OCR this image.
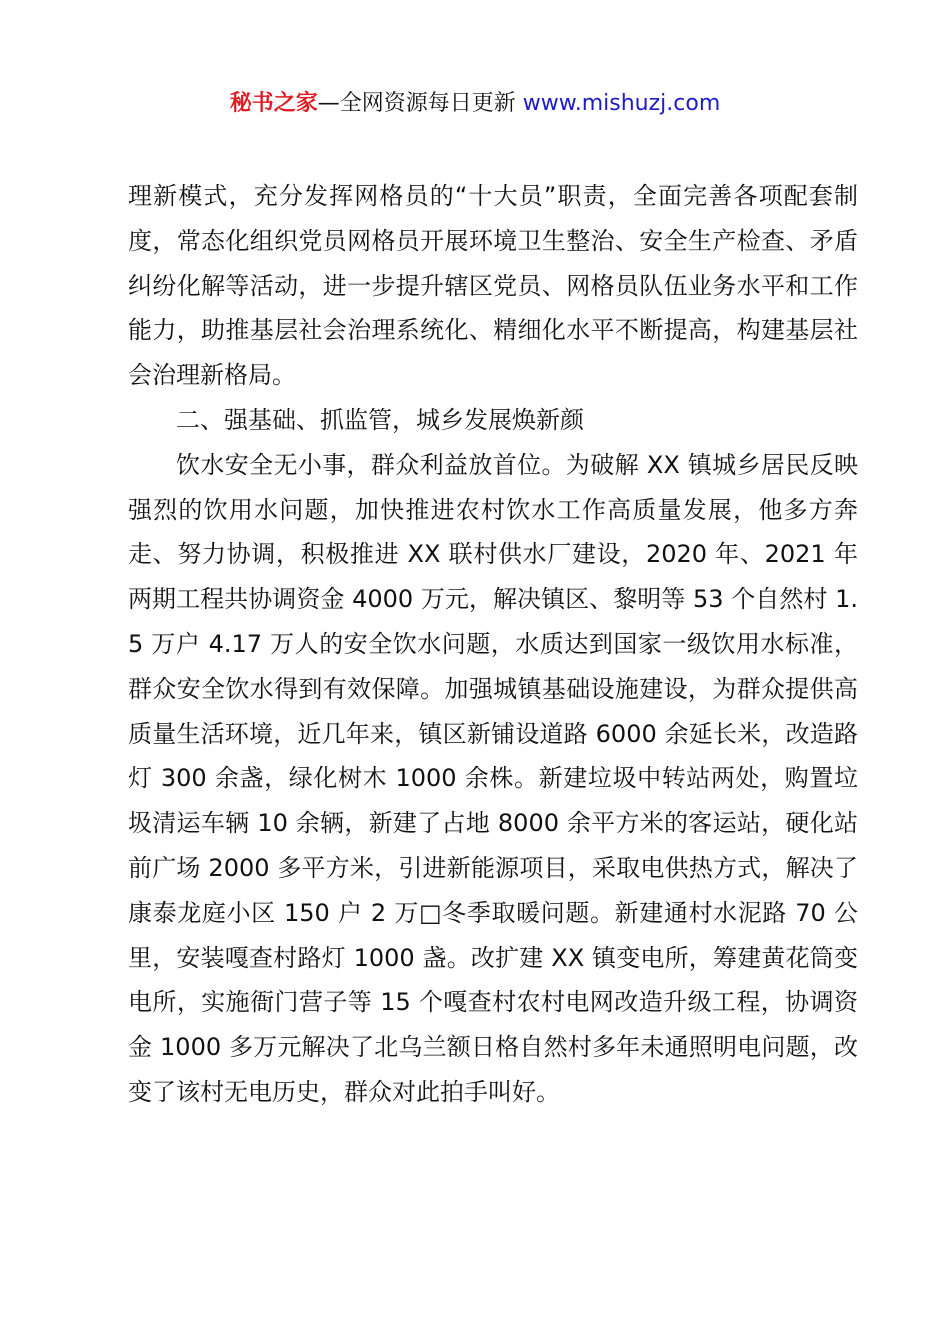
秘书之家—全网资源每日更新 www.mishuzj.com

理新模式，充分发挥网格员的“十大员”职责，全面完善各项配套制度，常态化组织党员网格员开展环境卫生整治、安全生产检查、矛盾纠纷化解等活动，进一步提升辖区党员、网格员队伍业务水平和工作能力，助推基层社会治理系统化、精细化水平不断提高，构建基层社会治理新格局。

二、强基础、抓监管，城乡发展焕新颜

饮水安全无小事，群众利益放首位。为破解 XX 镇城乡居民反映强烈的饮用水问题，加快推进农村饮水工作高质量发展，他多方奔走、努力协调，积极推进 XX 联村供水厂建设，2020 年、2021 年两期工程共协调资金 4000 万元，解决镇区、黎明等 53 个自然村 1.5 万户 4.17 万人的安全饮水问题，水质达到国家一级饮用水标准，群众安全饮水得到有效保障。加强城镇基础设施建设，为群众提供高质量生活环境，近几年来，镇区新铺设道路 6000 余延长米，改造路灯 300 余盏，绿化树木 1000 余株。新建垃圾中转站两处，购置垃圾清运车辆 10 余辆，新建了占地 8000 余平方米的客运站，硬化站前广场 2000 多平方米，引进新能源项目，采取电供热方式，解决了康泰龙庭小区 150 户 2 万□冬季取暖问题。新建通村水泥路 70 公里，安装嘎查村路灯 1000 盏。改扩建 XX 镇变电所，筹建黄花筒变电所，实施衙门营子等 15 个嘎查村农村电网改造升级工程，协调资金 1000 多万元解决了北乌兰额日格自然村多年未通照明电问题，改变了该村无电历史，群众对此拍手叫好。
